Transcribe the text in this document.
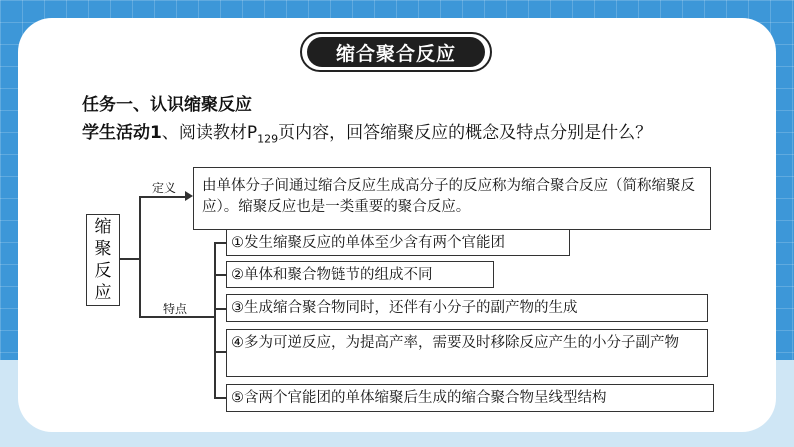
缩合聚合反应
任务一、认识缩聚反应
学生活动1、阅读教材$P_{129}$页内容，回答缩聚反应的概念及特点分别是什么？
缩
聚
反
应
定义
特点
由单体分子间通过缩合反应生成高分子的反应称为缩合聚合反应（简称缩聚反应）。缩聚反应也是一类重要的聚合反应。
①发生缩聚反应的单体至少含有两个官能团
②单体和聚合物链节的组成不同
③生成缩合聚合物同时，还伴有小分子的副产物的生成
④多为可逆反应，为提高产率，需要及时移除反应产生的小分子副产物
⑤含两个官能团的单体缩聚后生成的缩合聚合物呈线型结构
